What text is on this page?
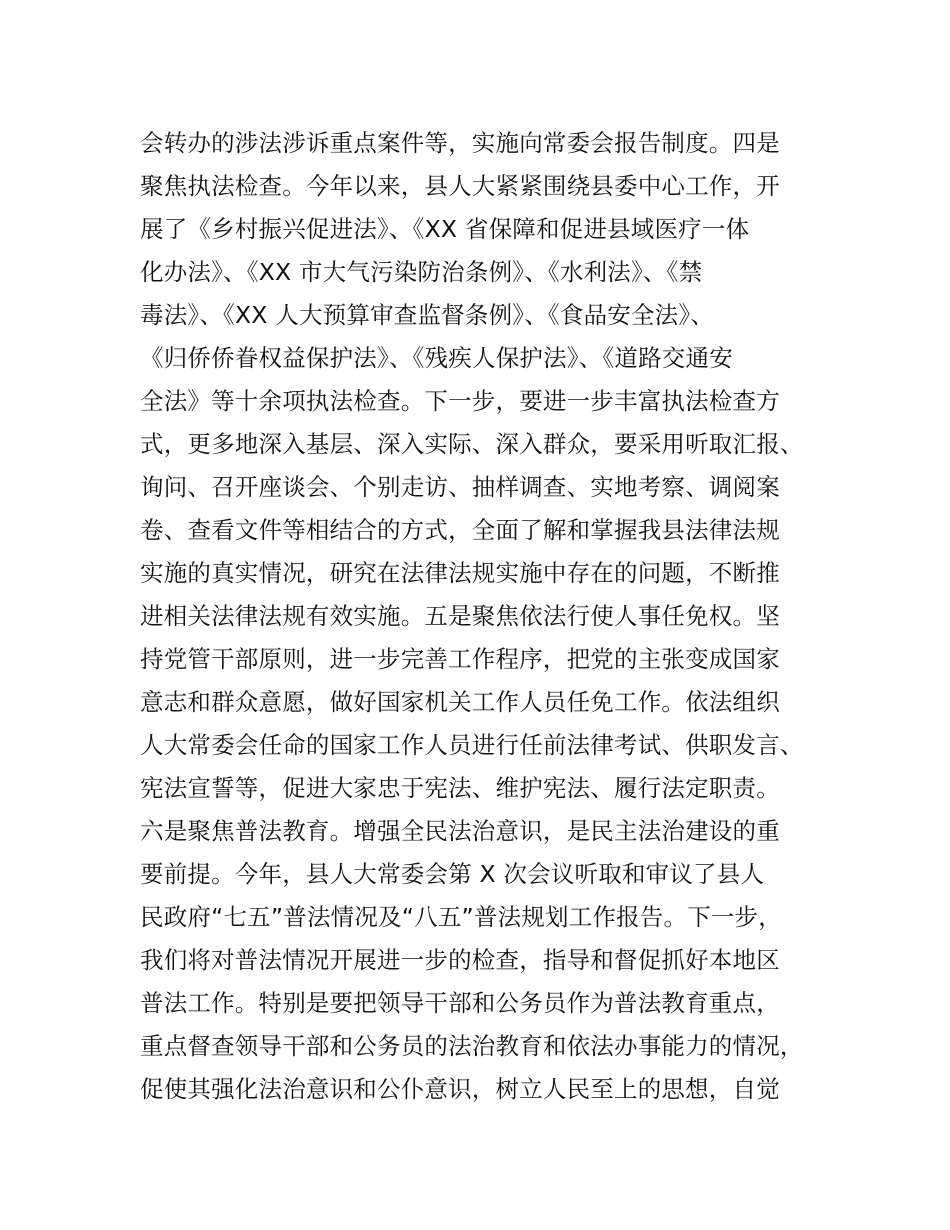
会转办的涉法涉诉重点案件等，实施向常委会报告制度。四是
聚焦执法检查。今年以来，县人大紧紧围绕县委中心工作，开
展了《乡村振兴促进法》、《XX 省保障和促进县域医疗一体
化办法》、《XX 市大气污染防治条例》、《水利法》、《禁
毒法》、《XX 人大预算审查监督条例》、《食品安全法》、
《归侨侨眷权益保护法》、《残疾人保护法》、《道路交通安
全法》等十余项执法检查。下一步，要进一步丰富执法检查方
式，更多地深入基层、深入实际、深入群众，要采用听取汇报、
询问、召开座谈会、个别走访、抽样调查、实地考察、调阅案
卷、查看文件等相结合的方式，全面了解和掌握我县法律法规
实施的真实情况，研究在法律法规实施中存在的问题，不断推
进相关法律法规有效实施。五是聚焦依法行使人事任免权。坚
持党管干部原则，进一步完善工作程序，把党的主张变成国家
意志和群众意愿，做好国家机关工作人员任免工作。依法组织
人大常委会任命的国家工作人员进行任前法律考试、供职发言、
宪法宣誓等，促进大家忠于宪法、维护宪法、履行法定职责。
六是聚焦普法教育。增强全民法治意识，是民主法治建设的重
要前提。今年，县人大常委会第 X 次会议听取和审议了县人
民政府“七五”普法情况及“八五”普法规划工作报告。下一步，
我们将对普法情况开展进一步的检查，指导和督促抓好本地区
普法工作。特别是要把领导干部和公务员作为普法教育重点，
重点督查领导干部和公务员的法治教育和依法办事能力的情况，
促使其强化法治意识和公仆意识，树立人民至上的思想，自觉
